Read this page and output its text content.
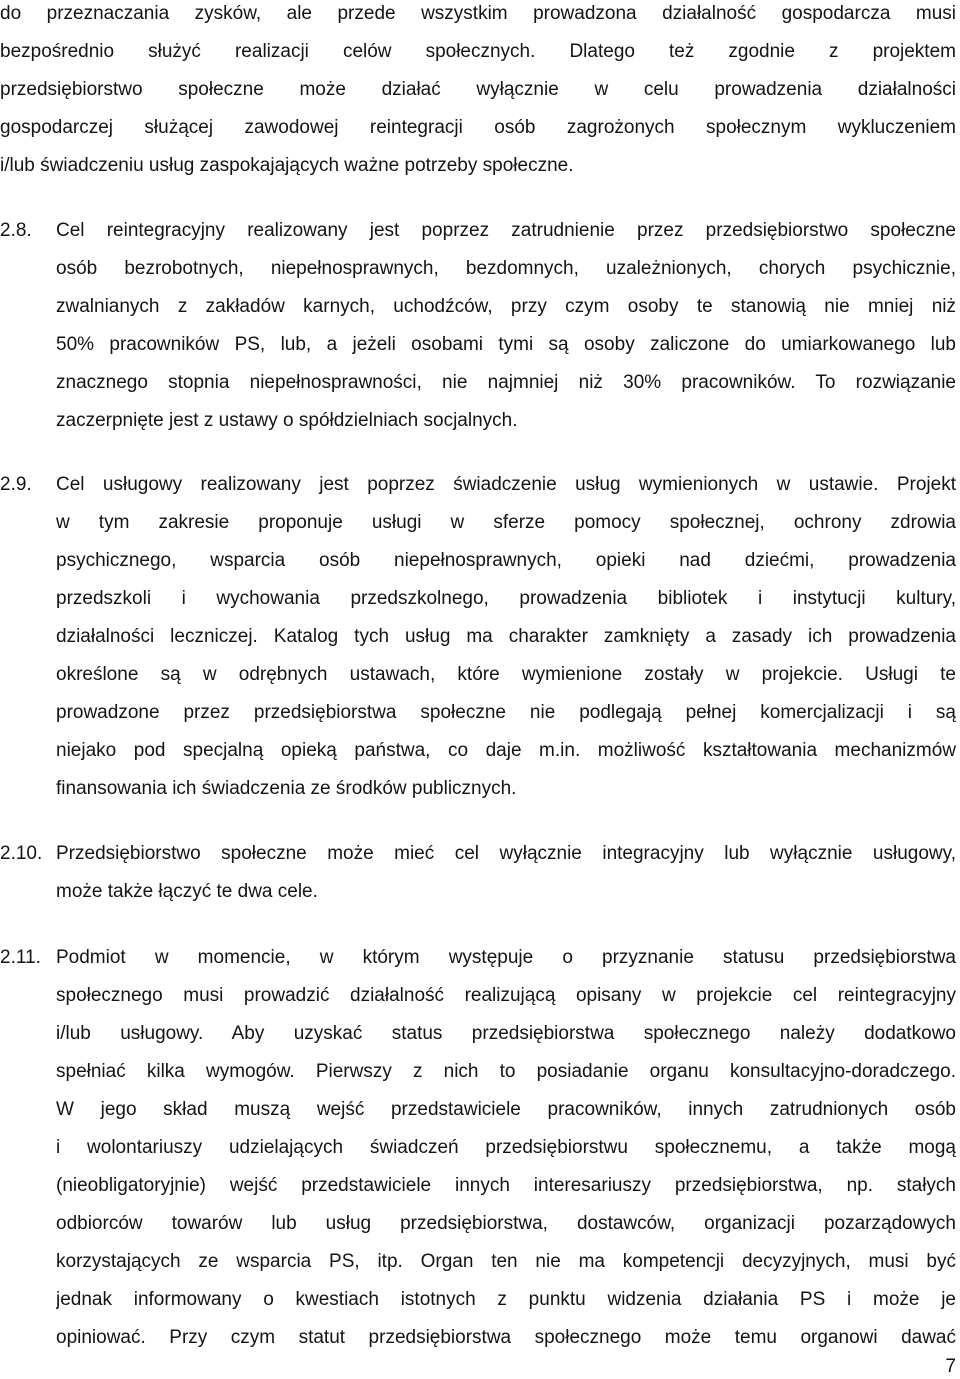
do przeznaczania zysków, ale przede wszystkim prowadzona działalność gospodarcza musi
bezpośrednio służyć realizacji celów społecznych. Dlatego też zgodnie z projektem
przedsiębiorstwo społeczne może działać wyłącznie w celu prowadzenia działalności
gospodarczej służącej zawodowej reintegracji osób zagrożonych społecznym wykluczeniem
i/lub świadczeniu usług zaspokajających ważne potrzeby społeczne.
2.8. Cel reintegracyjny realizowany jest poprzez zatrudnienie przez przedsiębiorstwo społeczne
osób bezrobotnych, niepełnosprawnych, bezdomnych, uzależnionych, chorych psychicznie,
zwalnianych z zakładów karnych, uchodźców, przy czym osoby te stanowią nie mniej niż
50% pracowników PS, lub, a jeżeli osobami tymi są osoby zaliczone do umiarkowanego lub
znacznego stopnia niepełnosprawności, nie najmniej niż 30% pracowników. To rozwiązanie
zaczerpnięte jest z ustawy o spółdzielniach socjalnych.
2.9. Cel usługowy realizowany jest poprzez świadczenie usług wymienionych w ustawie. Projekt
w tym zakresie proponuje usługi w sferze pomocy społecznej, ochrony zdrowia
psychicznego, wsparcia osób niepełnosprawnych, opieki nad dziećmi, prowadzenia
przedszkoli i wychowania przedszkolnego, prowadzenia bibliotek i instytucji kultury,
działalności leczniczej. Katalog tych usług ma charakter zamknięty a zasady ich prowadzenia
określone są w odrębnych ustawach, które wymienione zostały w projekcie. Usługi te
prowadzone przez przedsiębiorstwa społeczne nie podlegają pełnej komercjalizacji i są
niejako pod specjalną opieką państwa, co daje m.in. możliwość kształtowania mechanizmów
finansowania ich świadczenia ze środków publicznych.
2.10. Przedsiębiorstwo społeczne może mieć cel wyłącznie integracyjny lub wyłącznie usługowy,
może także łączyć te dwa cele.
2.11. Podmiot w momencie, w którym występuje o przyznanie statusu przedsiębiorstwa
społecznego musi prowadzić działalność realizującą opisany w projekcie cel reintegracyjny
i/lub usługowy. Aby uzyskać status przedsiębiorstwa społecznego należy dodatkowo
spełniać kilka wymogów. Pierwszy z nich to posiadanie organu konsultacyjno-doradczego.
W jego skład muszą wejść przedstawiciele pracowników, innych zatrudnionych osób
i wolontariuszy udzielających świadczeń przedsiębiorstwu społecznemu, a także mogą
(nieobligatoryjnie) wejść przedstawiciele innych interesariuszy przedsiębiorstwa, np. stałych
odbiorców towarów lub usług przedsiębiorstwa, dostawców, organizacji pozarządowych
korzystających ze wsparcia PS, itp. Organ ten nie ma kompetencji decyzyjnych, musi być
jednak informowany o kwestiach istotnych z punktu widzenia działania PS i może je
opiniować. Przy czym statut przedsiębiorstwa społecznego może temu organowi dawać
7
